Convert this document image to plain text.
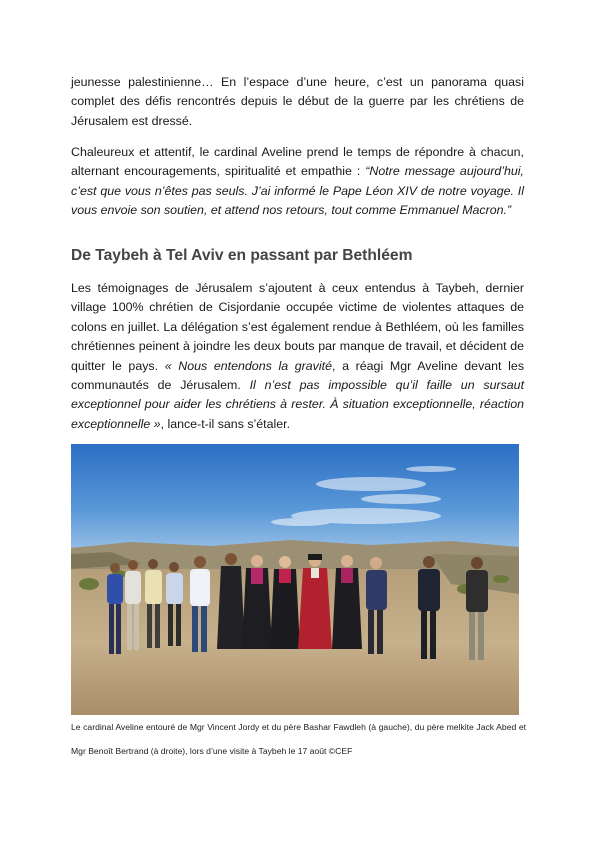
jeunesse palestinienne… En l’espace d’une heure, c’est un panorama quasi complet des défis rencontrés depuis le début de la guerre par les chrétiens de Jérusalem est dressé.

Chaleureux et attentif, le cardinal Aveline prend le temps de répondre à chacun, alternant encouragements, spiritualité et empathie : “Notre message aujourd’hui, c’est que vous n’êtes pas seuls. J’ai informé le Pape Léon XIV de notre voyage. Il vous envoie son soutien, et attend nos retours, tout comme Emmanuel Macron.”

De Taybeh à Tel Aviv en passant par Bethléem

Les témoignages de Jérusalem s’ajoutent à ceux entendus à Taybeh, dernier village 100% chrétien de Cisjordanie occupée victime de violentes attaques de colons en juillet. La délégation s’est également rendue à Bethléem, où les familles chrétiennes peinent à joindre les deux bouts par manque de travail, et décident de quitter le pays. « Nous entendons la gravité, a réagi Mgr Aveline devant les communautés de Jérusalem. Il n’est pas impossible qu’il faille un sursaut exceptionnel pour aider les chrétiens à rester. À situation exceptionnelle, réaction exceptionnelle », lance-t-il sans s’étaler.

Le cardinal Aveline entouré de Mgr Vincent Jordy et du père Bashar Fawdleh (à gauche), du père melkite Jack Abed et Mgr Benoît Bertrand (à droite), lors d’une visite à Taybeh le 17 août ©CEF
